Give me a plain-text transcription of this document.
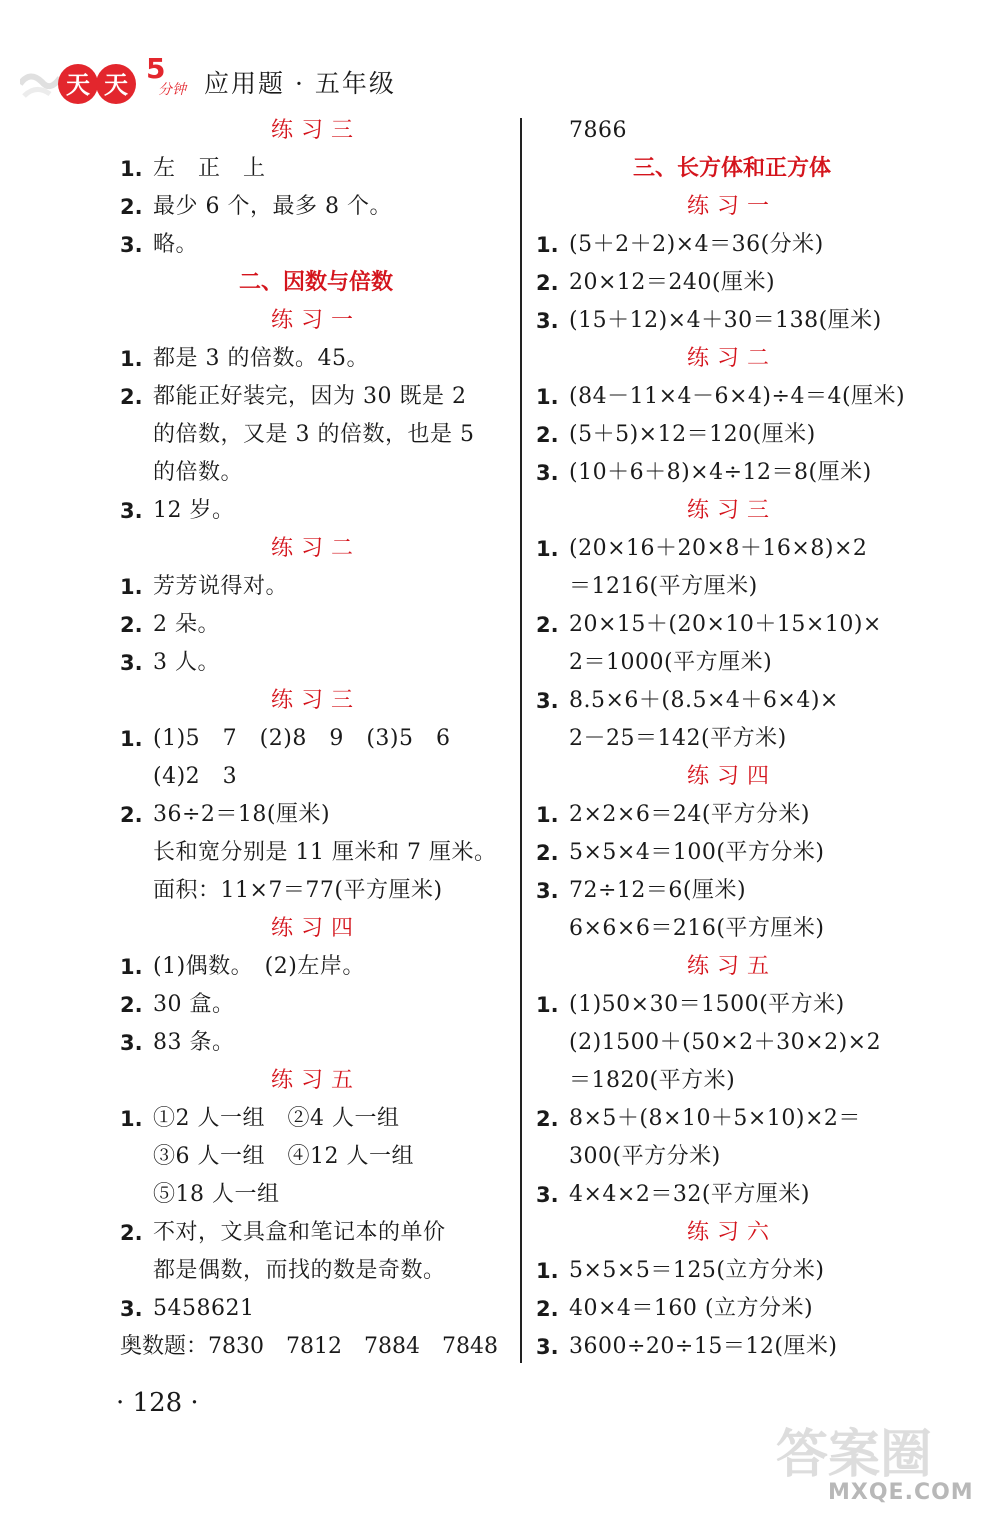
天 天 5
分钟 应用题 · 五年级
练习三
1. 左　正　上
2. 最少 6 个，最多 8 个。
3. 略。
二、因数与倍数
练习一
1. 都是 3 的倍数。45。
2. 都能正好装完，因为 30 既是 2
的倍数，又是 3 的倍数，也是 5
的倍数。
3. 12 岁。
练习二
1. 芳芳说得对。
2. 2 朵。
3. 3 人。
练习三
1. (1)5　7　(2)8　9　(3)5　6
(4)2　3
2. 36÷2＝18(厘米)
长和宽分别是 11 厘米和 7 厘米。
面积：11×7＝77(平方厘米)
练习四
1. (1)偶数。　(2)左岸。
2. 30 盒。
3. 83 条。
练习五
1. ①2 人一组　②4 人一组
③6 人一组　④12 人一组
⑤18 人一组
2. 不对，文具盒和笔记本的单价
都是偶数，而找的数是奇数。
3. 5458621
奥数题：7830　7812　7884　7848
7866
三、长方体和正方体
练习一
1. (5＋2＋2)×4＝36(分米)
2. 20×12＝240(厘米)
3. (15＋12)×4＋30＝138(厘米)
练习二
1. (84－11×4－6×4)÷4＝4(厘米)
2. (5＋5)×12＝120(厘米)
3. (10＋6＋8)×4÷12＝8(厘米)
练习三
1. (20×16＋20×8＋16×8)×2
＝1216(平方厘米)
2. 20×15＋(20×10＋15×10)×
2＝1000(平方厘米)
3. 8.5×6＋(8.5×4＋6×4)×
2－25＝142(平方米)
练习四
1. 2×2×6＝24(平方分米)
2. 5×5×4＝100(平方分米)
3. 72÷12＝6(厘米)
6×6×6＝216(平方厘米)
练习五
1. (1)50×30＝1500(平方米)
(2)1500＋(50×2＋30×2)×2
＝1820(平方米)
2. 8×5＋(8×10＋5×10)×2＝
300(平方分米)
3. 4×4×2＝32(平方厘米)
练习六
1. 5×5×5＝125(立方分米)
2. 40×4＝160 (立方分米)
3. 3600÷20÷15＝12(厘米)
· 128 ·
答案圈
MXQE.COM
